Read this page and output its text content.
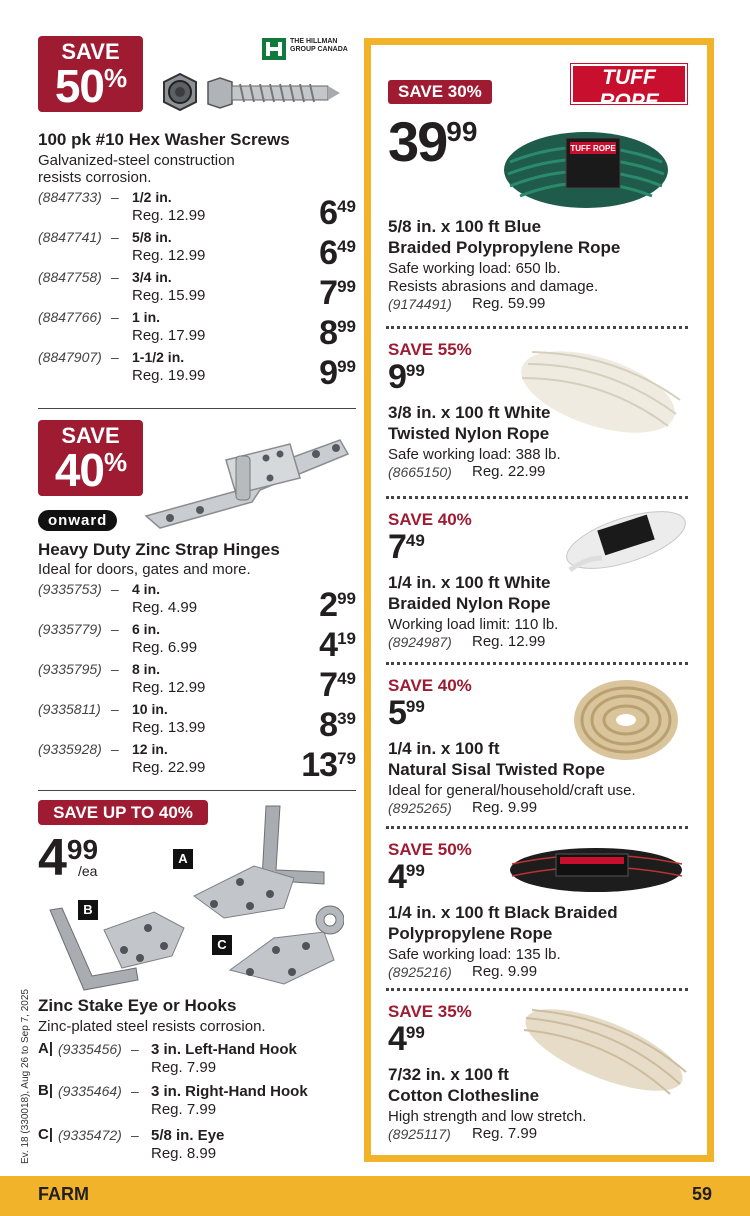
SAVE
50%
THE HILLMAN GROUP CANADA
100 pk #10 Hex Washer Screws
Galvanized-steel construction
resists corrosion.
(8847733) – 1/2 in.
Reg. 12.99	$6^{49}$
(8847741) – 5/8 in.
Reg. 12.99	$6^{49}$
(8847758) – 3/4 in.
Reg. 15.99	$7^{99}$
(8847766) – 1 in.
Reg. 17.99	$8^{99}$
(8847907) – 1-1/2 in.
Reg. 19.99	$9^{99}$
SAVE
40%
onward
Heavy Duty Zinc Strap Hinges
Ideal for doors, gates and more.
(9335753) – 4 in.
Reg. 4.99	$2^{99}$
(9335779) – 6 in.
Reg. 6.99	$4^{19}$
(9335795) – 8 in.
Reg. 12.99	$7^{49}$
(9335811) – 10 in.
Reg. 13.99	$8^{39}$
(9335928) – 12 in.
Reg. 22.99	$13^{79}$
SAVE UP TO 40%
499
/ea
A
B
C
Zinc Stake Eye or Hooks
Zinc-plated steel resists corrosion.
A| (9335456) – 3 in. Left-Hand Hook
Reg. 7.99
B| (9335464) – 3 in. Right-Hand Hook
Reg. 7.99
C| (9335472) – 5/8 in. Eye
Reg. 8.99
Ev. 18 (330018), Aug 26 to Sep 7, 2025
TUFF ROPE
PREMIUM QUALITY
SAVE 30%
$39^{99}$
5/8 in. x 100 ft Blue
Braided Polypropylene Rope
Safe working load: 650 lb.
Resists abrasions and damage.
(9174491) Reg. 59.99
SAVE 55%
$9^{99}$
3/8 in. x 100 ft White
Twisted Nylon Rope
Safe working load: 388 lb.
(8665150) Reg. 22.99
SAVE 40%
$7^{49}$
1/4 in. x 100 ft White
Braided Nylon Rope
Working load limit: 110 lb.
(8924987) Reg. 12.99
SAVE 40%
$5^{99}$
1/4 in. x 100 ft
Natural Sisal Twisted Rope
Ideal for general/household/craft use.
(8925265) Reg. 9.99
SAVE 50%
$4^{99}$
1/4 in. x 100 ft Black Braided
Polypropylene Rope
Safe working load: 135 lb.
(8925216) Reg. 9.99
SAVE 35%
$4^{99}$
7/32 in. x 100 ft
Cotton Clothesline
High strength and low stretch.
(8925117) Reg. 7.99
TUFF ROPE
FARM	59
